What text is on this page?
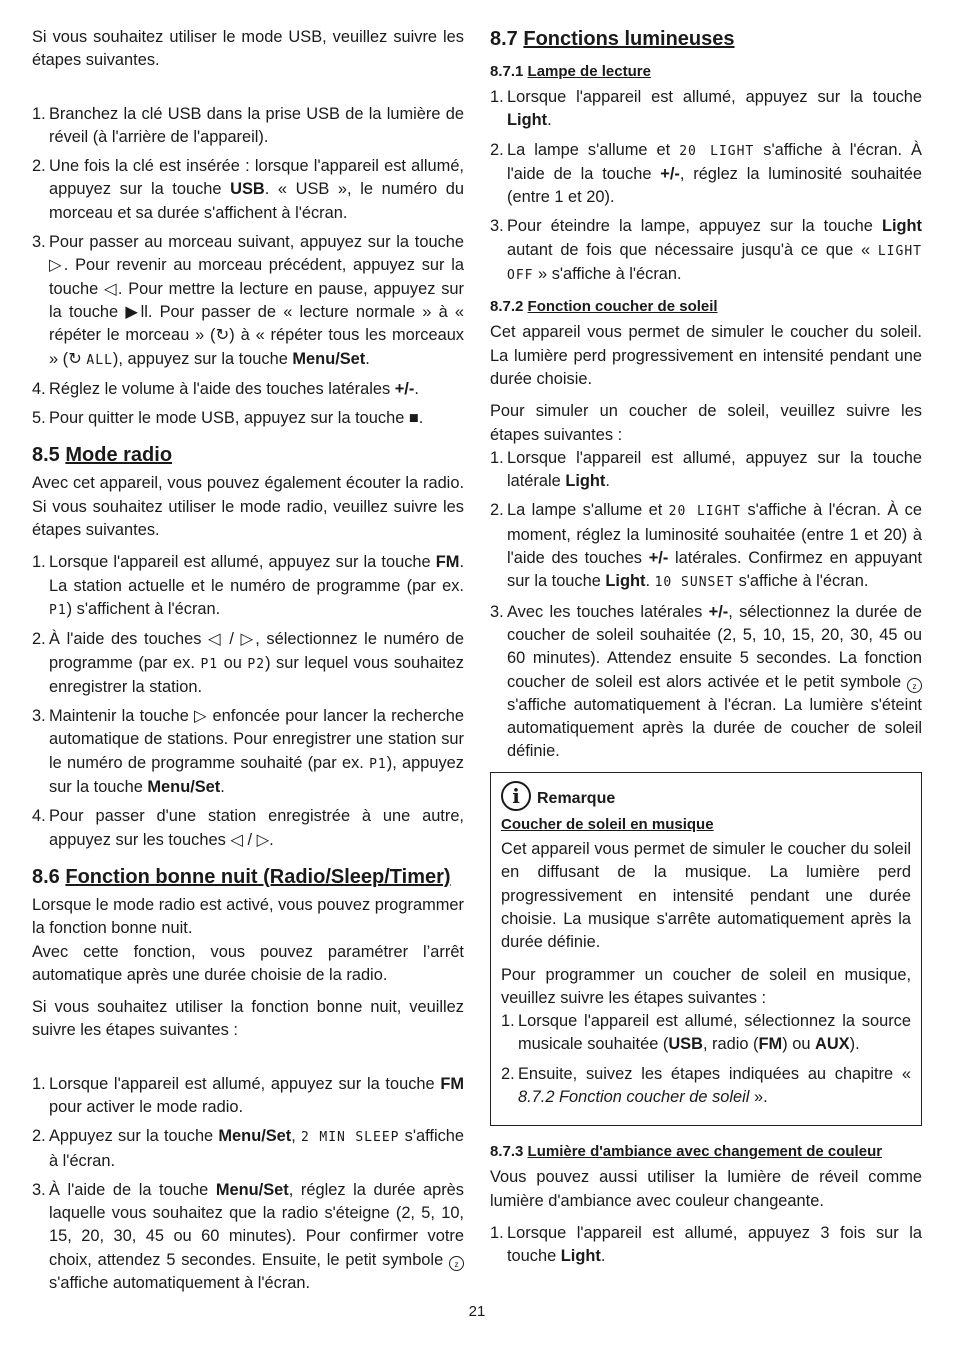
Si vous souhaitez utiliser le mode USB, veuillez suivre les étapes suivantes.

1. Branchez la clé USB dans la prise USB de la lumière de réveil (à l'arrière de l'appareil).
2. Une fois la clé est insérée : lorsque l'appareil est allumé, appuyez sur la touche USB. « USB », le numéro du morceau et sa durée s'affichent à l'écran.
3. Pour passer au morceau suivant, appuyez sur la touche ▷. Pour revenir au morceau précédent, appuyez sur la touche ◁. Pour mettre la lecture en pause, appuyez sur la touche ▶ll. Pour passer de « lecture normale » à « répéter le morceau » (↻) à « répéter tous les morceaux » (↻ ALL), appuyez sur la touche Menu/Set.
4. Réglez le volume à l'aide des touches latérales +/-.
5. Pour quitter le mode USB, appuyez sur la touche ■.
8.5 Mode radio

Avec cet appareil, vous pouvez également écouter la radio. Si vous souhaitez utiliser le mode radio, veuillez suivre les étapes suivantes.

1. Lorsque l'appareil est allumé, appuyez sur la touche FM. La station actuelle et le numéro de programme (par ex. P1) s'affichent à l'écran.
2. À l'aide des touches ◁ / ▷, sélectionnez le numéro de programme (par ex. P1 ou P2) sur lequel vous souhaitez enregistrer la station.
3. Maintenir la touche ▷ enfoncée pour lancer la recherche automatique de stations. Pour enregistrer une station sur le numéro de programme souhaité (par ex. P1), appuyez sur la touche Menu/Set.
4. Pour passer d'une station enregistrée à une autre, appuyez sur les touches ◁ / ▷.
8.6 Fonction bonne nuit (Radio/Sleep/Timer)

Lorsque le mode radio est activé, vous pouvez programmer la fonction bonne nuit.

Avec cette fonction, vous pouvez paramétrer l’arrêt automatique après une durée choisie de la radio.

Si vous souhaitez utiliser la fonction bonne nuit, veuillez suivre les étapes suivantes :

1. Lorsque l'appareil est allumé, appuyez sur la touche FM pour activer le mode radio.
2. Appuyez sur la touche Menu/Set, 2 MIN SLEEP s'affiche à l'écran.
3. À l'aide de la touche Menu/Set, réglez la durée après laquelle vous souhaitez que la radio s'éteigne (2, 5, 10, 15, 20, 30, 45 ou 60 minutes). Pour confirmer votre choix, attendez 5 secondes. Ensuite, le petit symbole z s'affiche automatiquement à l'écran.
8.7 Fonctions lumineuses
8.7.1 Lampe de lecture
1. Lorsque l'appareil est allumé, appuyez sur la touche Light.
2. La lampe s'allume et 20 LIGHT s'affiche à l'écran. À l'aide de la touche +/-, réglez la luminosité souhaitée (entre 1 et 20).
3. Pour éteindre la lampe, appuyez sur la touche Light autant de fois que nécessaire jusqu'à ce que « LIGHT OFF » s'affiche à l'écran.
8.7.2 Fonction coucher de soleil

Cet appareil vous permet de simuler le coucher du soleil. La lumière perd progressivement en intensité pendant une durée choisie.

Pour simuler un coucher de soleil, veuillez suivre les étapes suivantes :

1. Lorsque l'appareil est allumé, appuyez sur la touche latérale Light.
2. La lampe s'allume et 20 LIGHT s'affiche à l'écran. À ce moment, réglez la luminosité souhaitée (entre 1 et 20) à l'aide des touches +/- latérales. Confirmez en appuyant sur la touche Light. 10 SUNSET s'affiche à l'écran.
3. Avec les touches latérales +/-, sélectionnez la durée de coucher de soleil souhaitée (2, 5, 10, 15, 20, 30, 45 ou 60 minutes). Attendez ensuite 5 secondes. La fonction coucher de soleil est alors activée et le petit symbole z s'affiche automatiquement à l'écran. La lumière s'éteint automatiquement après la durée de coucher de soleil définie.
i	Remarque
Coucher de soleil en musique

Cet appareil vous permet de simuler le coucher du soleil en diffusant de la musique. La lumière perd progressivement en intensité pendant une durée choisie. La musique s'arrête automatiquement après la durée définie.

Pour programmer un coucher de soleil en musique, veuillez suivre les étapes suivantes :

1. Lorsque l'appareil est allumé, sélectionnez la source musicale souhaitée (USB, radio (FM) ou AUX).
2. Ensuite, suivez les étapes indiquées au chapitre « 8.7.2 Fonction coucher de soleil ».
8.7.3 Lumière d'ambiance avec changement de couleur

Vous pouvez aussi utiliser la lumière de réveil comme lumière d'ambiance avec couleur changeante.

1. Lorsque l'appareil est allumé, appuyez 3 fois sur la touche Light.
21
